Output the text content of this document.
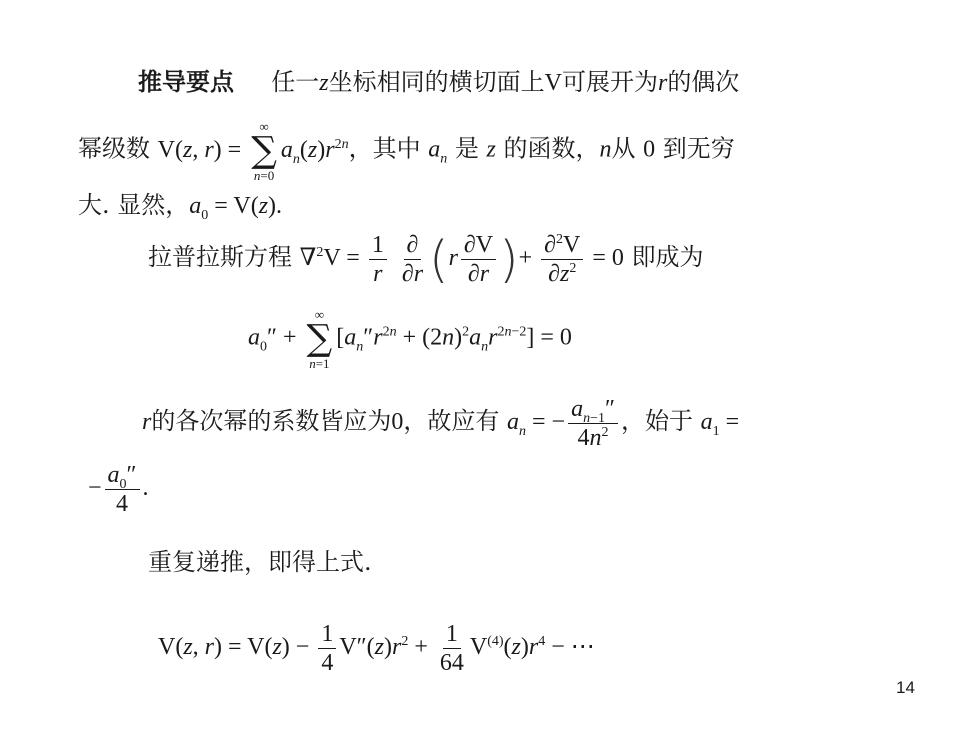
推导要点 任一z坐标相同的横切面上V可展开为r的偶次
幂级数 V(z, r) =
∞
∑
n=0
$a_n(z)r^{2n}$，其中 $a_n$ 是 z 的函数，n从 0 到无穷
大. 显然，$a_0 = V(z)$.
拉普拉斯方程 $\nabla^2V = \frac{1}{r}$
$\frac{\partial}{\partial r} (r \frac{\partial V}{\partial r}$ )+ $\frac{\partial^2V}{\partial z^2} = 0$ 即成为
$a_0''$ +
∞
∑
n=1
$[a_n''r^{2n} + (2n)^2a_nr^{2n-2}] = 0$
r的各次幂的系数皆应为0，故应有 $a_n$ = − $\frac{a_{n-1}''}{4n^2}$ ，始于 $a_1$ =
− $\frac{a_0''}{4}$ .
重复递推，即得上式.
V(z, $r) = V(z) - \frac{1}{4} V''(z)r^2 + \frac{1}{64} V^{(4)}(z)r^4$ − ⋯
14
